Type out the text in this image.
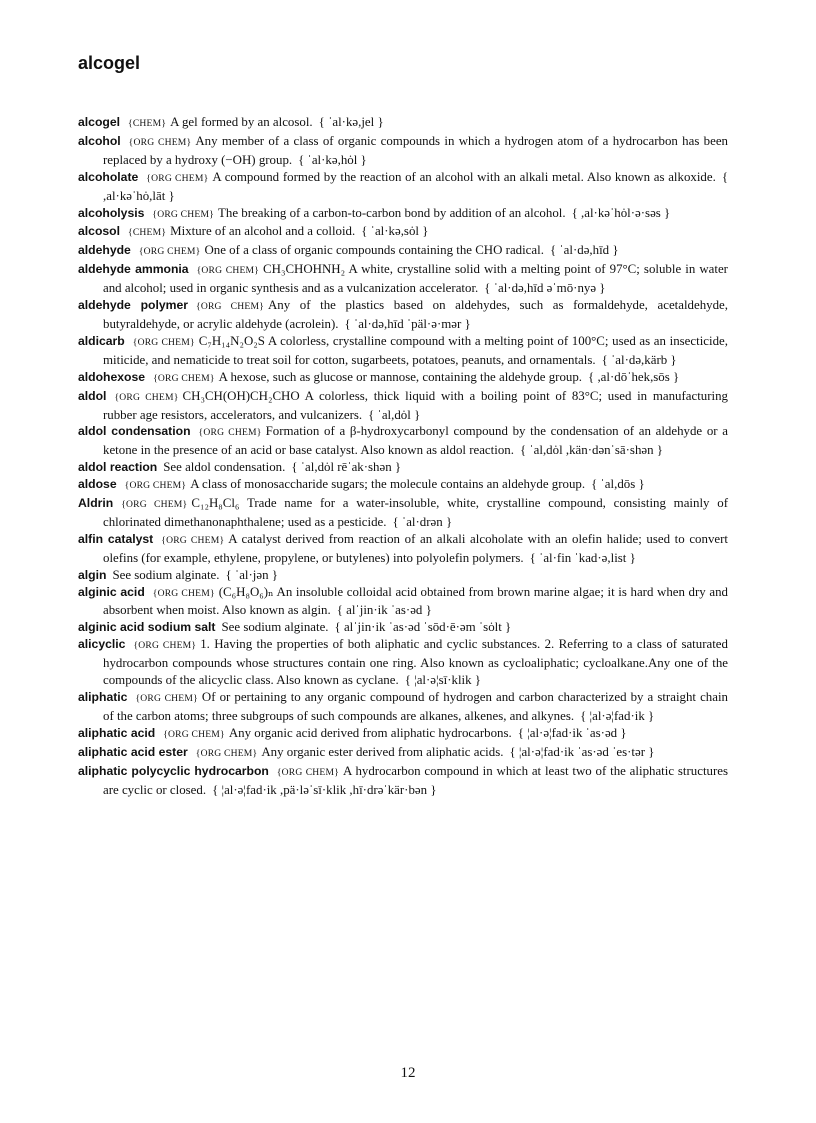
alcogel

alcogel { CHEM } A gel formed by an alcosol. { ˈal·kə,jel }

alcohol { ORG CHEM } Any member of a class of organic compounds in which a hydrogen atom of a hydrocarbon has been replaced by a hydroxy (−OH) group. { ˈal·kə,hȯl }

alcoholate { ORG CHEM } A compound formed by the reaction of an alcohol with an alkali metal. Also known as alkoxide.{ ,al·kəˈhȯ,lāt }

alcoholysis { ORG CHEM } The breaking of a carbon-to-carbon bond by addition of an alcohol. { ,al·kəˈhȯl·ə·səs }

alcosol { CHEM } Mixture of an alcohol and a colloid. { ˈal·kə,sȯl }

aldehyde { ORG CHEM } One of a class of organic compounds containing the CHO radical. { ˈal·də,hīd }

aldehyde ammonia { ORG CHEM } CH₃CHOHNH₂ A white, crystalline solid with a melting point of 97°C; soluble in water and alcohol; used in organic synthesis and as a vulcanization accelerator. { ˈal·də,hīd əˈmō·nyə }

aldehyde polymer { ORG CHEM } Any of the plastics based on aldehydes, such as formaldehyde, acetaldehyde, butyraldehyde, or acrylic aldehyde (acrolein). { ˈal·də,hīd ˈpäl·ə·mər }

aldicarb { ORG CHEM } C₇H₁₄N₂O₂S A colorless, crystalline compound with a melting point of 100°C; used as an insecticide, miticide, and nematicide to treat soil for cotton, sugarbeets, potatoes, peanuts, and ornamentals. { ˈal·də,kärb }

aldohexose { ORG CHEM } A hexose, such as glucose or mannose, containing the aldehyde group. { ,al·dōˈhek,sōs }

aldol { ORG CHEM } CH₃CH(OH)CH₂CHO A colorless, thick liquid with a boiling point of 83°C; used in manufacturing rubber age resistors, accelerators, and vulcanizers. { ˈal,dȯl }

aldol condensation { ORG CHEM } Formation of a β-hydroxycarbonyl compound by the condensation of an aldehyde or a ketone in the presence of an acid or base catalyst. Also known as aldol reaction. { ˈal,dȯl ,kän·dənˈsā·shən }

aldol reaction See aldol condensation. { ˈal,dȯl rēˈak·shən }

aldose { ORG CHEM } A class of monosaccharide sugars; the molecule contains an aldehyde group. { ˈal,dōs }

Aldrin { ORG CHEM } C₁₂H₈Cl₆ Trade name for a water-insoluble, white, crystalline compound, consisting mainly of chlorinated dimethanonaphthalene; used as a pesticide. { ˈal·drən }

alfin catalyst { ORG CHEM } A catalyst derived from reaction of an alkali alcoholate with an olefin halide; used to convert olefins (for example, ethylene, propylene, or butylenes) into polyolefin polymers. { ˈal·fin ˈkad·ə,list }

algin See sodium alginate. { ˈal·jən }

alginic acid { ORG CHEM } (C₆H₈O₆)ₙ An insoluble colloidal acid obtained from brown marine algae; it is hard when dry and absorbent when moist. Also known as algin. { alˈjin·ik ˈas·əd }

alginic acid sodium salt See sodium alginate. { alˈjin·ik ˈas·əd ˈsōd·ē·əm ˈsȯlt }

alicyclic { ORG CHEM } 1. Having the properties of both aliphatic and cyclic substances. 2. Referring to a class of saturated hydrocarbon compounds whose structures contain one ring. Also known as cycloaliphatic; cycloalkane.Any one of the compounds of the alicyclic class. Also known as cyclane. { ¦al·ə¦sī·klik }

aliphatic { ORG CHEM } Of or pertaining to any organic compound of hydrogen and carbon characterized by a straight chain of the carbon atoms; three subgroups of such compounds are alkanes, alkenes, and alkynes. { ¦al·ə¦fad·ik }

aliphatic acid { ORG CHEM } Any organic acid derived from aliphatic hydrocarbons. { ¦al·ə¦fad·ik ˈas·əd }

aliphatic acid ester { ORG CHEM } Any organic ester derived from aliphatic acids. { ¦al·ə¦fad·ik ˈas·əd ˈes·tər }

aliphatic polycyclic hydrocarbon { ORG CHEM } A hydrocarbon compound in which at least two of the aliphatic structures are cyclic or closed. { ¦al·ə¦fad·ik ,pä·ləˈsī·klik ,hī·drəˈkär·bən }

12
